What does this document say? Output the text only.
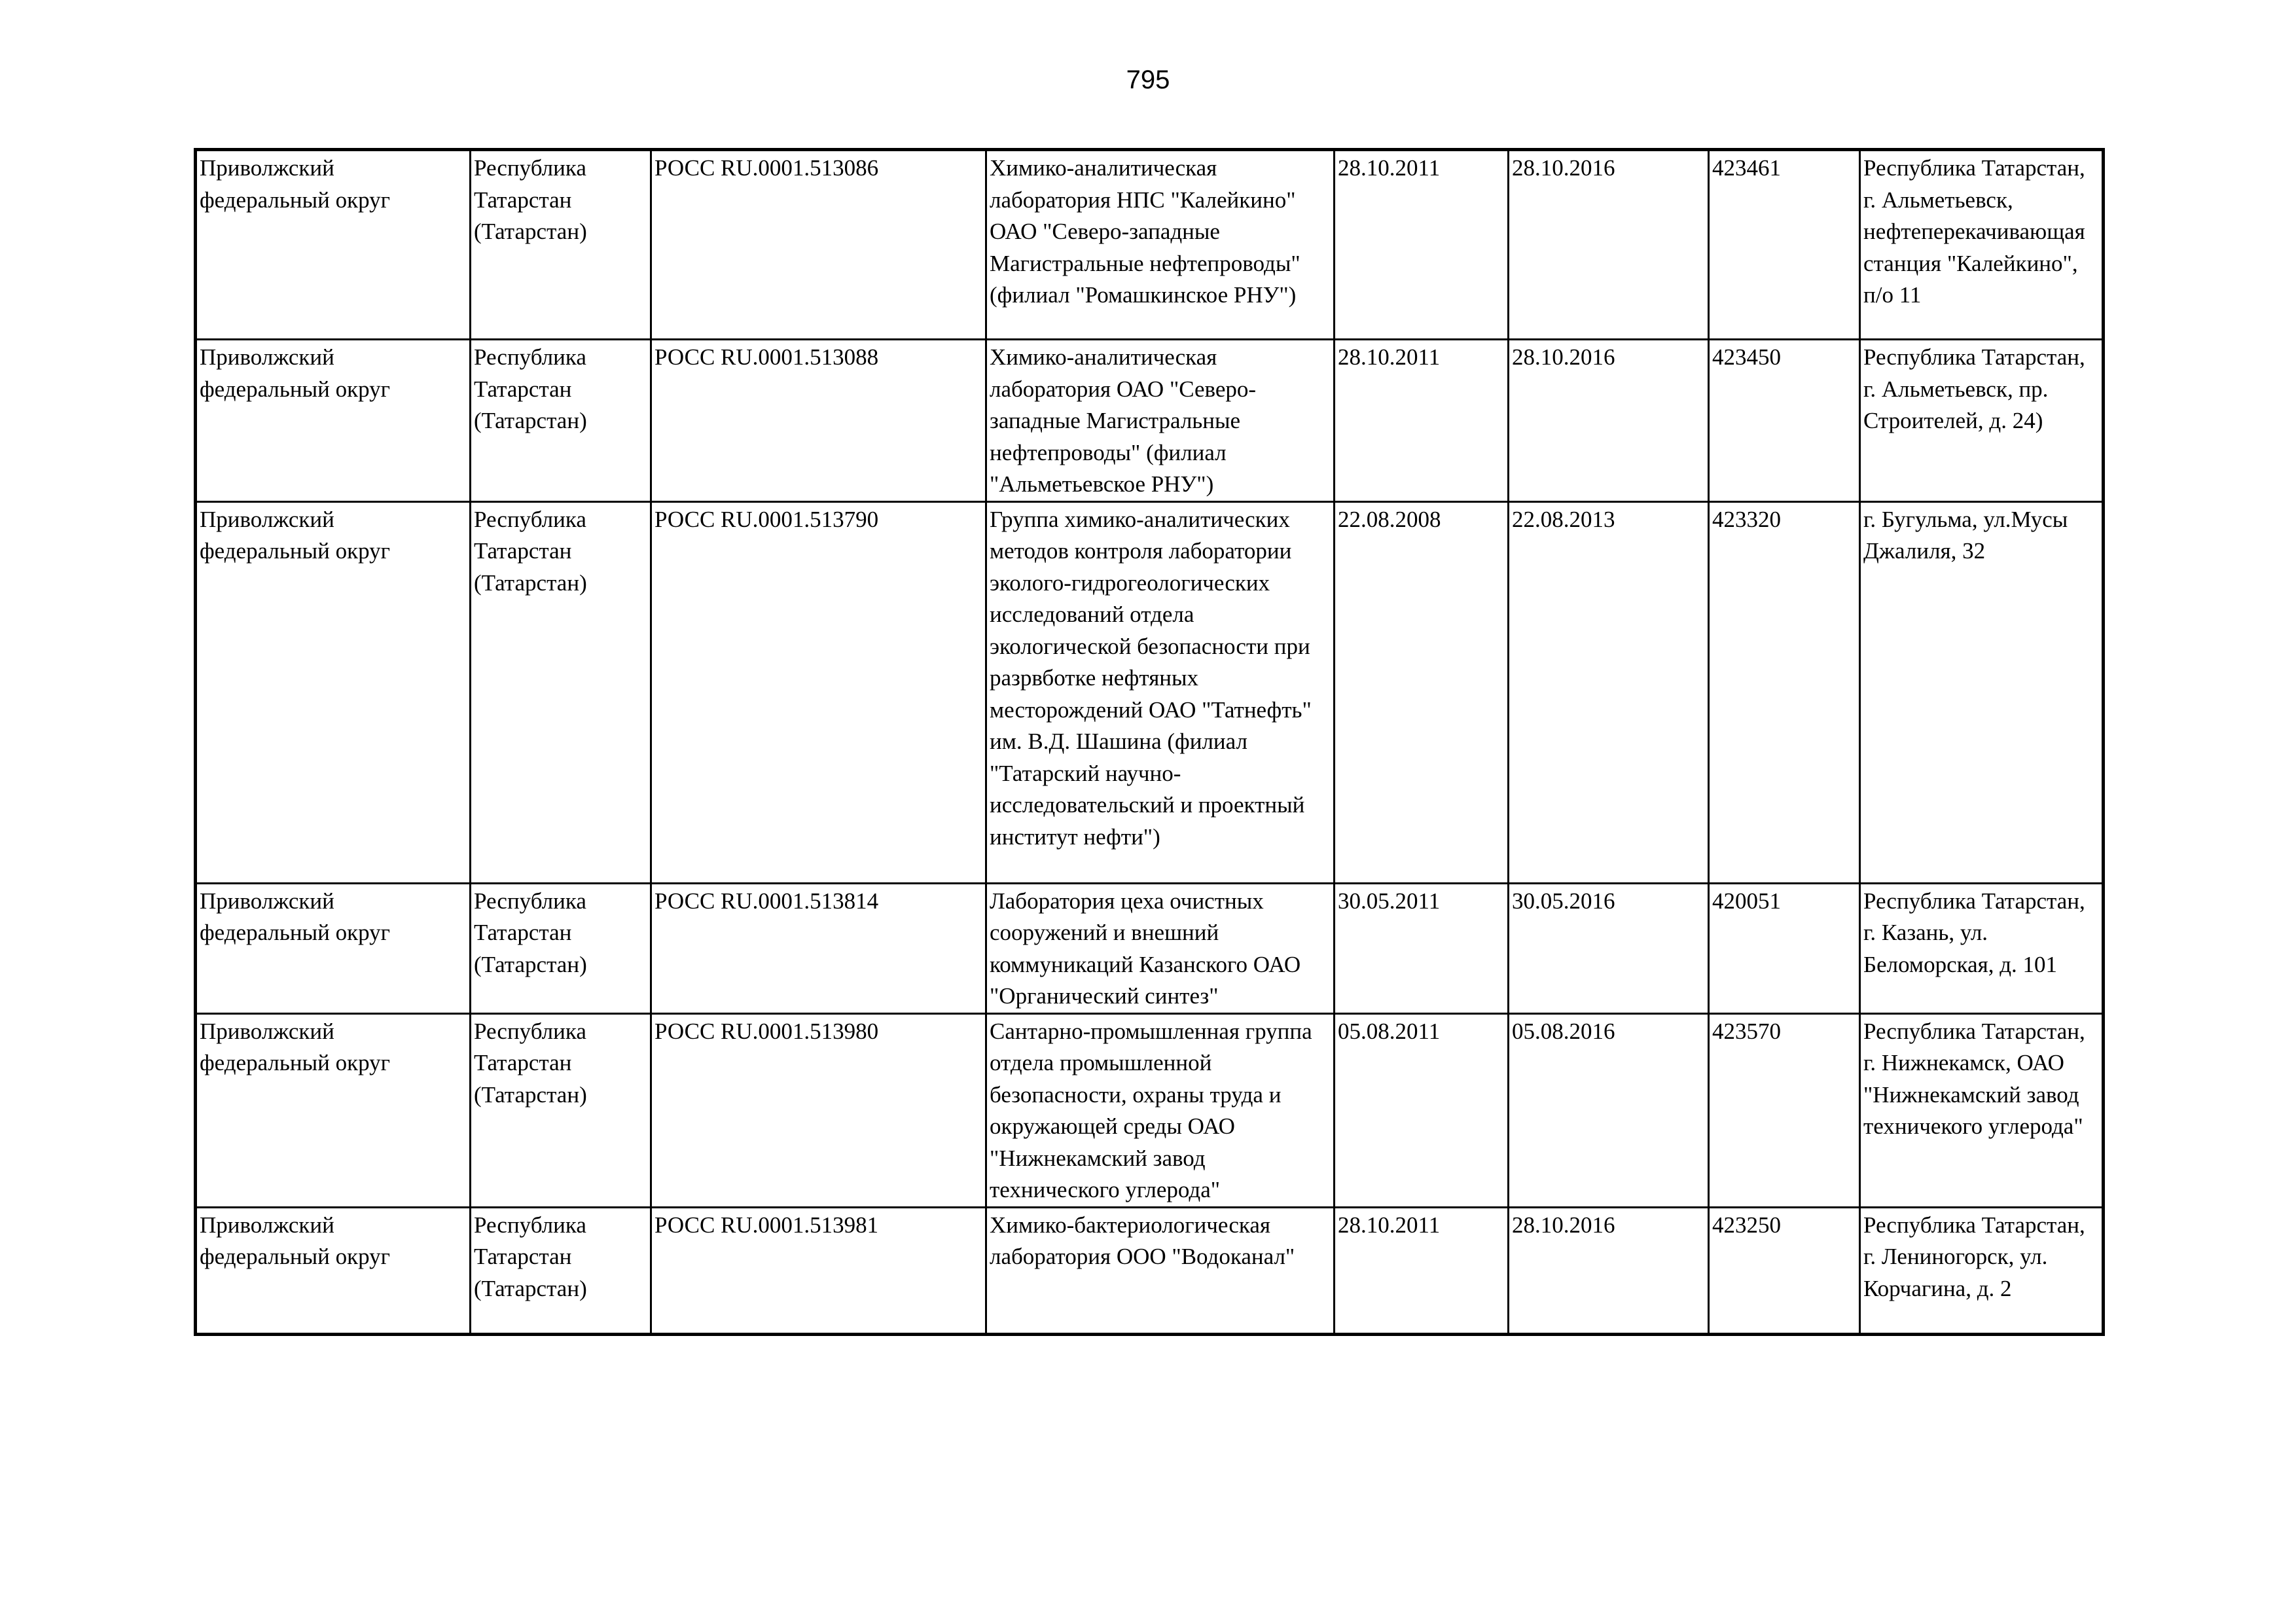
795
Приволжский федеральный округ	Республика Татарстан (Татарстан)	РОСС RU.0001.513086	Химико-аналитическая лаборатория НПС "Калейкино" ОАО "Северо-западные Магистральные нефтепроводы" (филиал "Ромашкинское РНУ")	28.10.2011	28.10.2016	423461	Республика Татарстан, г. Альметьевск, нефтеперекачивающая станция "Калейкино", п/о 11
Приволжский федеральный округ	Республика Татарстан (Татарстан)	РОСС RU.0001.513088	Химико-аналитическая лаборатория ОАО "Северо-западные Магистральные нефтепроводы" (филиал "Альметьевское РНУ")	28.10.2011	28.10.2016	423450	Республика Татарстан, г. Альметьевск, пр. Строителей, д. 24)
Приволжский федеральный округ	Республика Татарстан (Татарстан)	РОСС RU.0001.513790	Группа химико-аналитических методов контроля лаборатории эколого-гидрогеологических исследований отдела экологической безопасности при разрвботке нефтяных месторождений ОАО "Татнефть" им. В.Д. Шашина (филиал "Татарский научно-исследовательский и проектный институт нефти")	22.08.2008	22.08.2013	423320	г. Бугульма, ул.Мусы Джалиля, 32
Приволжский федеральный округ	Республика Татарстан (Татарстан)	РОСС RU.0001.513814	Лаборатория цеха очистных сооружений и внешний коммуникаций Казанского ОАО "Органический синтез"	30.05.2011	30.05.2016	420051	Республика Татарстан, г. Казань, ул. Беломорская, д. 101
Приволжский федеральный округ	Республика Татарстан (Татарстан)	РОСС RU.0001.513980	Сантарно-промышленная группа отдела промышленной безопасности, охраны труда и окружающей среды ОАО "Нижнекамский завод технического углерода"	05.08.2011	05.08.2016	423570	Республика Татарстан, г. Нижнекамск, ОАО "Нижнекамский завод техничекого углерода"
Приволжский федеральный округ	Республика Татарстан (Татарстан)	РОСС RU.0001.513981	Химико-бактериологическая лаборатория ООО "Водоканал"	28.10.2011	28.10.2016	423250	Республика Татарстан, г. Лениногорск, ул. Корчагина, д. 2
